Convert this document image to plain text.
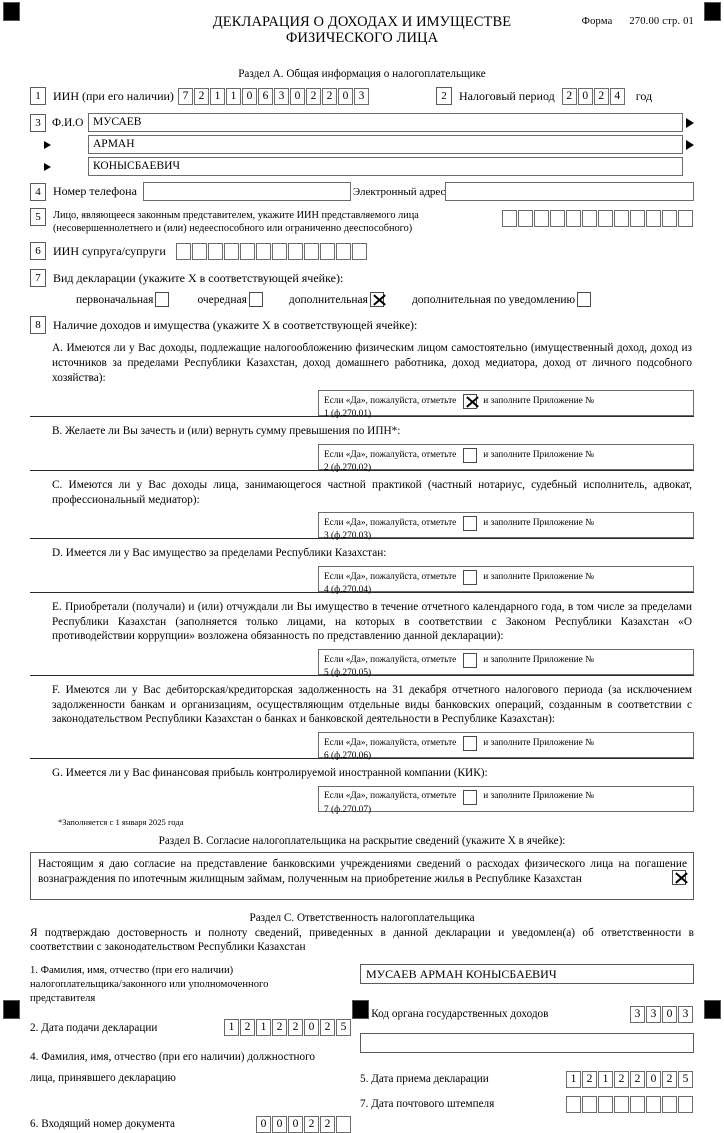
Форма 270.00 стр. 01
ДЕКЛАРАЦИЯ О ДОХОДАХ И ИМУЩЕСТВЕ
ФИЗИЧЕСКОГО ЛИЦА
Раздел А. Общая информация о налогоплательщике
1	ИИН (при его наличии) 7 2 1 1 0 6 3 0 2 2 0 3	2	Налоговый период	2 0 2 4	год
3 Ф.И.О МУСАЕВ
АРМАН
КОНЫСБАЕВИЧ
4	Номер телефона	Электронный адрес
5	Лицо, являющееся законным представителем, укажите ИИН представляемого лица
(несовершеннолетнего и (или) недееспособного или ограниченно дееспособного)
6	ИИН супруга/супруги
7	Вид декларации (укажите Х в соответствующей ячейке):
первоначальная	очередная	дополнительная	дополнительная по уведомлению
8	Наличие доходов и имущества (укажите Х в соответствующей ячейке):
A. Имеются ли у Вас доходы, подлежащие налогообложению физическим лицом самостоятельно (имущественный доход, доход из источников за пределами Республики Казахстан, доход домашнего работника, доход медиатора, доход от личного подсобного хозяйства):
Если «Да», пожалуйста, отметьте	и заполните Приложение №
1 (ф.270.01)
B. Желаете ли Вы зачесть и (или) вернуть сумму превышения по ИПН*:
Если «Да», пожалуйста, отметьте	и заполните Приложение №
2 (ф.270.02)
C. Имеются ли у Вас доходы лица, занимающегося частной практикой (частный нотариус, судебный исполнитель, адвокат, профессиональный медиатор):
Если «Да», пожалуйста, отметьте	и заполните Приложение №
3 (ф.270.03)
D. Имеется ли у Вас имущество за пределами Республики Казахстан:
Если «Да», пожалуйста, отметьте	и заполните Приложение №
4 (ф.270.04)
E. Приобретали (получали) и (или) отчуждали ли Вы имущество в течение отчетного календарного года, в том числе за пределами Республики Казахстан (заполняется только лицами, на которых в соответствии с Законом Республики Казахстан «О противодействии коррупции» возложена обязанность по представлению данной декларации):
Если «Да», пожалуйста, отметьте	и заполните Приложение №
5 (ф.270.05)
F. Имеются ли у Вас дебиторская/кредиторская задолженность на 31 декабря отчетного налогового периода (за исключением задолженности банкам и организациям, осуществляющим отдельные виды банковских операций, созданным в соответствии с законодательством Республики Казахстан о банках и банковской деятельности в Республике Казахстан):
Если «Да», пожалуйста, отметьте	и заполните Приложение №
6 (ф.270.06)
G. Имеется ли у Вас финансовая прибыль контролируемой иностранной компании (КИК):
Если «Да», пожалуйста, отметьте	и заполните Приложение №
7 (ф.270.07)
*Заполняется с 1 января 2025 года
Раздел В. Согласие налогоплательщика на раскрытие сведений (укажите Х в ячейке):
Настоящим я даю согласие на представление банковскими учреждениями сведений о расходах физического лица на погашение вознаграждения по ипотечным жилищным займам, полученным на приобретение жилья в Республике Казахстан
Раздел С. Ответственность налогоплательщика
Я подтверждаю достоверность и полноту сведений, приведенных в данной декларации и уведомлен(а) об ответственности в соответствии с законодательством Республики Казахстан
1. Фамилия, имя, отчество (при его наличии)
налогоплательщика/законного или уполномоченного
представителя
2. Дата подачи декларации	1 2 1 2 2 0 2 5
4. Фамилия, имя, отчество (при его наличии) должностного
лица, принявшего декларацию
6. Входящий номер документа	0 0 0 2 2
МУСАЕВ АРМАН КОНЫСБАЕВИЧ
3. Код органа государственных доходов	3 3 0 3
5. Дата приема декларации	1 2 1 2 2 0 2 5
7. Дата почтового штемпеля
